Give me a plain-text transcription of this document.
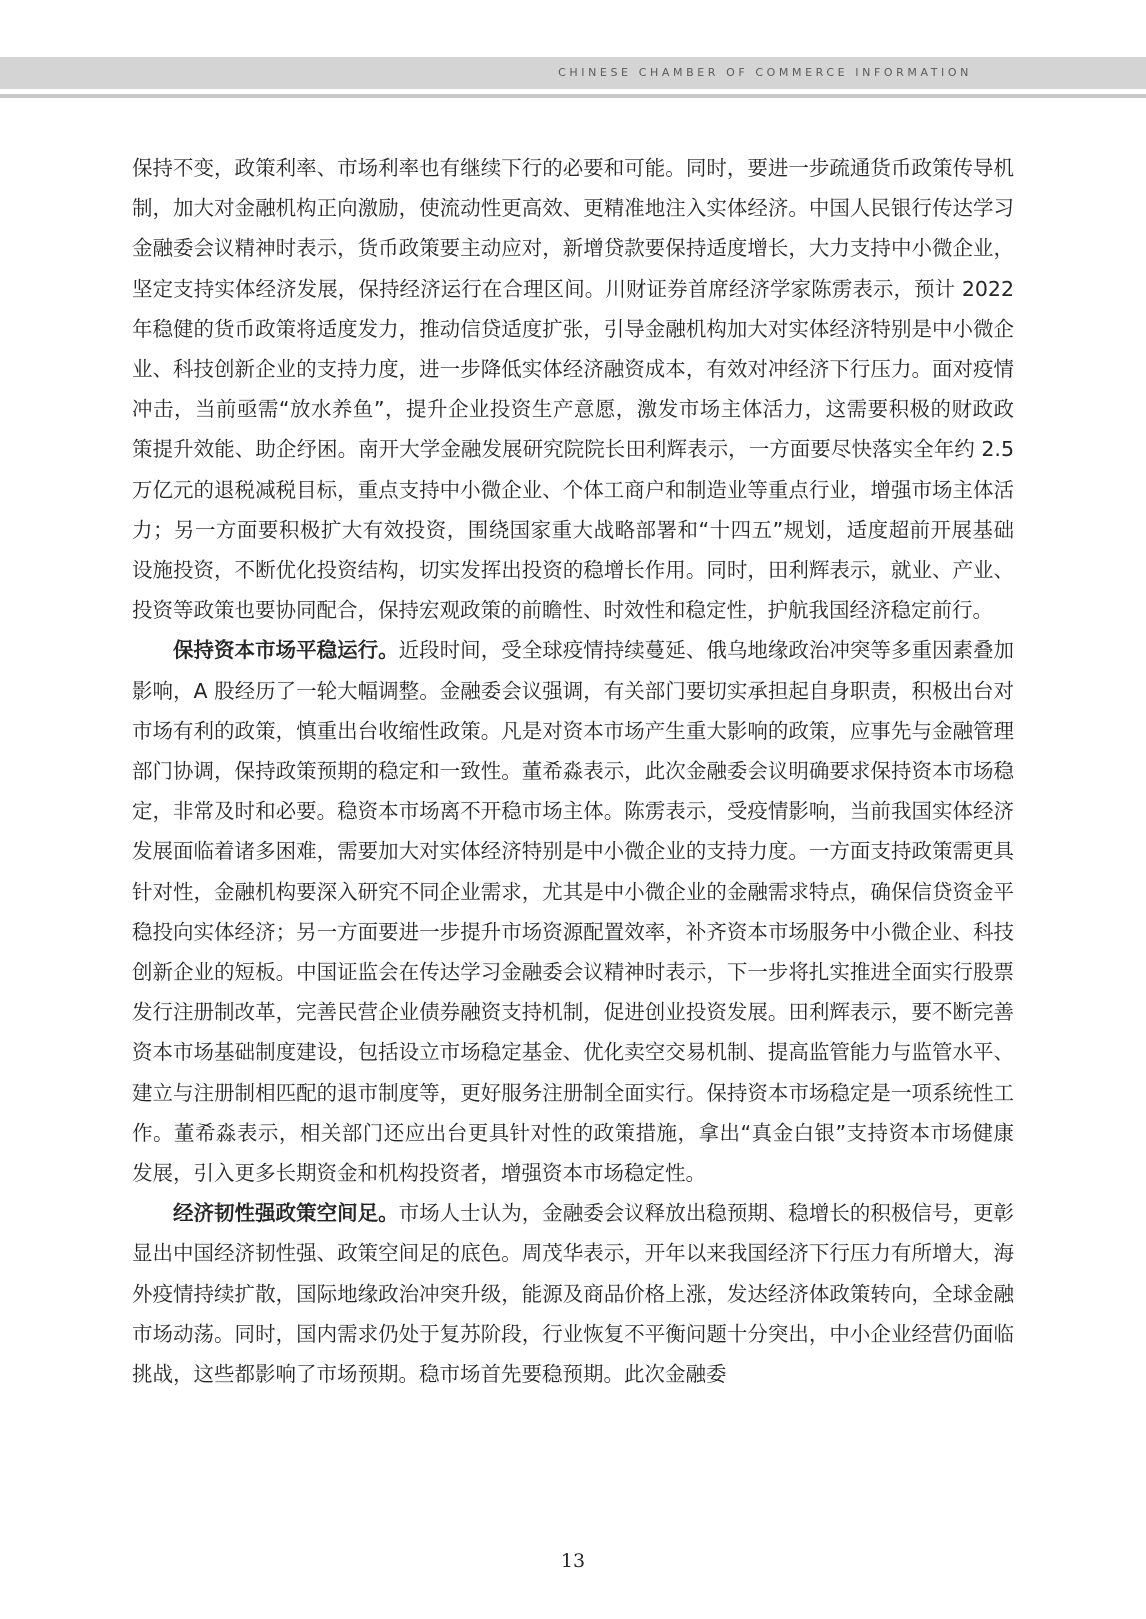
CHINESE CHAMBER OF COMMERCE INFORMATION

保持不变，政策利率、市场利率也有继续下行的必要和可能。同时，要进一步疏通货币政策传导机制，加大对金融机构正向激励，使流动性更高效、更精准地注入实体经济。中国人民银行传达学习金融委会议精神时表示，货币政策要主动应对，新增贷款要保持适度增长，大力支持中小微企业，坚定支持实体经济发展，保持经济运行在合理区间。川财证券首席经济学家陈雳表示，预计 2022 年稳健的货币政策将适度发力，推动信贷适度扩张，引导金融机构加大对实体经济特别是中小微企业、科技创新企业的支持力度，进一步降低实体经济融资成本，有效对冲经济下行压力。面对疫情冲击，当前亟需“放水养鱼”，提升企业投资生产意愿，激发市场主体活力，这需要积极的财政政策提升效能、助企纾困。南开大学金融发展研究院院长田利辉表示，一方面要尽快落实全年约 2.5 万亿元的退税减税目标，重点支持中小微企业、个体工商户和制造业等重点行业，增强市场主体活力；另一方面要积极扩大有效投资，围绕国家重大战略部署和“十四五”规划，适度超前开展基础设施投资，不断优化投资结构，切实发挥出投资的稳增长作用。同时，田利辉表示，就业、产业、投资等政策也要协同配合，保持宏观政策的前瞻性、时效性和稳定性，护航我国经济稳定前行。

保持资本市场平稳运行。近段时间，受全球疫情持续蔓延、俄乌地缘政治冲突等多重因素叠加影响，A 股经历了一轮大幅调整。金融委会议强调，有关部门要切实承担起自身职责，积极出台对市场有利的政策，慎重出台收缩性政策。凡是对资本市场产生重大影响的政策，应事先与金融管理部门协调，保持政策预期的稳定和一致性。董希淼表示，此次金融委会议明确要求保持资本市场稳定，非常及时和必要。稳资本市场离不开稳市场主体。陈雳表示，受疫情影响，当前我国实体经济发展面临着诸多困难，需要加大对实体经济特别是中小微企业的支持力度。一方面支持政策需更具针对性，金融机构要深入研究不同企业需求，尤其是中小微企业的金融需求特点，确保信贷资金平稳投向实体经济；另一方面要进一步提升市场资源配置效率，补齐资本市场服务中小微企业、科技创新企业的短板。中国证监会在传达学习金融委会议精神时表示，下一步将扎实推进全面实行股票发行注册制改革，完善民营企业债券融资支持机制，促进创业投资发展。田利辉表示，要不断完善资本市场基础制度建设，包括设立市场稳定基金、优化卖空交易机制、提高监管能力与监管水平、建立与注册制相匹配的退市制度等，更好服务注册制全面实行。保持资本市场稳定是一项系统性工作。董希淼表示，相关部门还应出台更具针对性的政策措施，拿出“真金白银”支持资本市场健康发展，引入更多长期资金和机构投资者，增强资本市场稳定性。

经济韧性强政策空间足。市场人士认为，金融委会议释放出稳预期、稳增长的积极信号，更彰显出中国经济韧性强、政策空间足的底色。周茂华表示，开年以来我国经济下行压力有所增大，海外疫情持续扩散，国际地缘政治冲突升级，能源及商品价格上涨，发达经济体政策转向，全球金融市场动荡。同时，国内需求仍处于复苏阶段，行业恢复不平衡问题十分突出，中小企业经营仍面临挑战，这些都影响了市场预期。稳市场首先要稳预期。此次金融委

13
